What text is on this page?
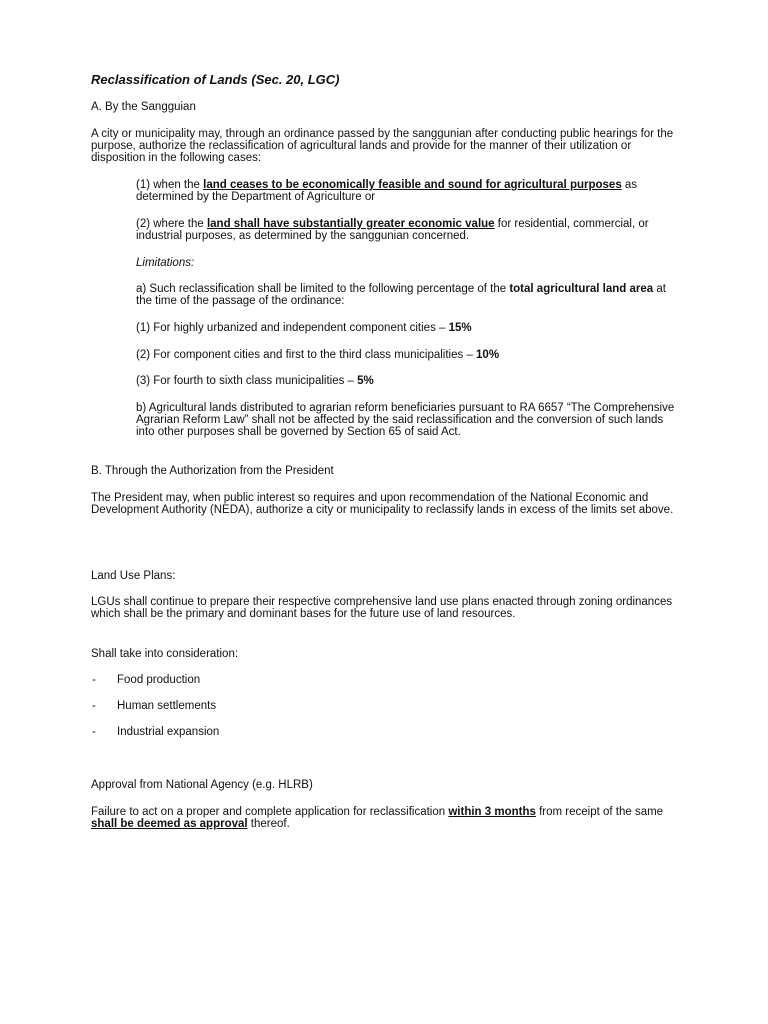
Reclassification of Lands (Sec. 20, LGC)

A. By the Sangguian

A city or municipality may, through an ordinance passed by the sanggunian after conducting public hearings for the purpose, authorize the reclassification of agricultural lands and provide for the manner of their utilization or disposition in the following cases:

(1) when the land ceases to be economically feasible and sound for agricultural purposes as determined by the Department of Agriculture or

(2) where the land shall have substantially greater economic value for residential, commercial, or industrial purposes, as determined by the sanggunian concerned.

Limitations:

a) Such reclassification shall be limited to the following percentage of the total agricultural land area at the time of the passage of the ordinance:

(1) For highly urbanized and independent component cities – 15%

(2) For component cities and first to the third class municipalities – 10%

(3) For fourth to sixth class municipalities – 5%

b) Agricultural lands distributed to agrarian reform beneficiaries pursuant to RA 6657 “The Comprehensive Agrarian Reform Law” shall not be affected by the said reclassification and the conversion of such lands into other purposes shall be governed by Section 65 of said Act.

B. Through the Authorization from the President

The President may, when public interest so requires and upon recommendation of the National Economic and Development Authority (NEDA), authorize a city or municipality to reclassify lands in excess of the limits set above.

Land Use Plans:

LGUs shall continue to prepare their respective comprehensive land use plans enacted through zoning ordinances which shall be the primary and dominant bases for the future use of land resources.

Shall take into consideration:

- Food production
- Human settlements
- Industrial expansion

Approval from National Agency (e.g. HLRB)

Failure to act on a proper and complete application for reclassification within 3 months from receipt of the same shall be deemed as approval thereof.
